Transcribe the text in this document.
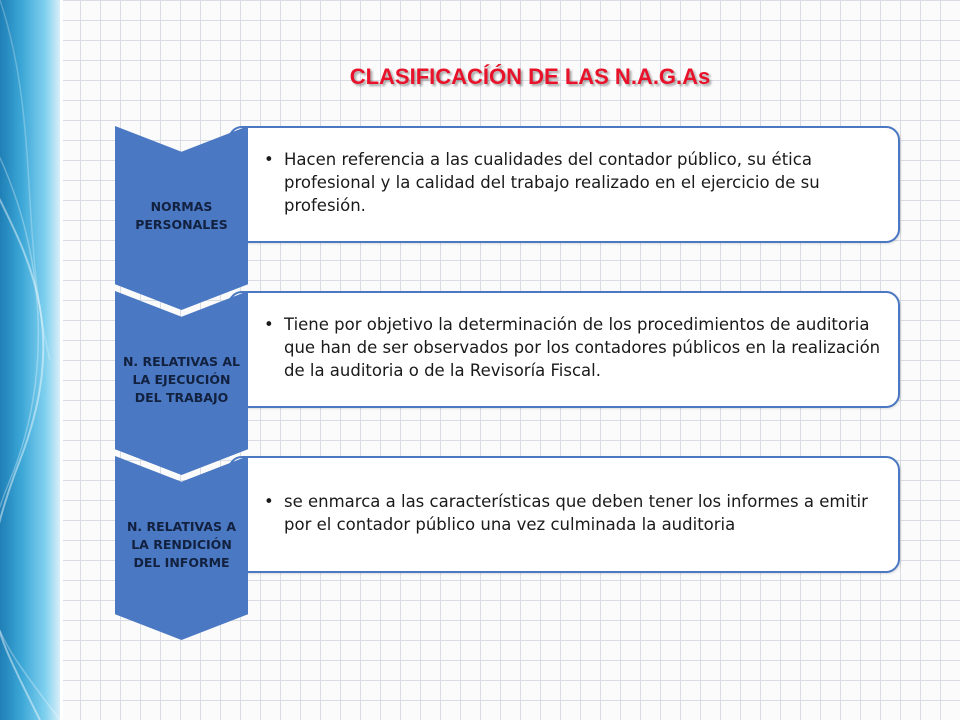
CLASIFICACÍÓN DE LAS N.A.G.As
• Hacen referencia a las cualidades del contador público, su ética profesional y la calidad del trabajo realizado en el ejercicio de su profesión.
NORMAS
PERSONALES
• Tiene por objetivo la determinación de los procedimientos de auditoria que han de ser observados por los contadores públicos en la realización de la auditoria o de la Revisoría Fiscal.
N. RELATIVAS AL
LA EJECUCIÓN
DEL TRABAJO
• se enmarca a las características que deben tener los informes a emitir por el contador público una vez culminada la auditoria
N. RELATIVAS A
LA RENDICIÓN
DEL INFORME
